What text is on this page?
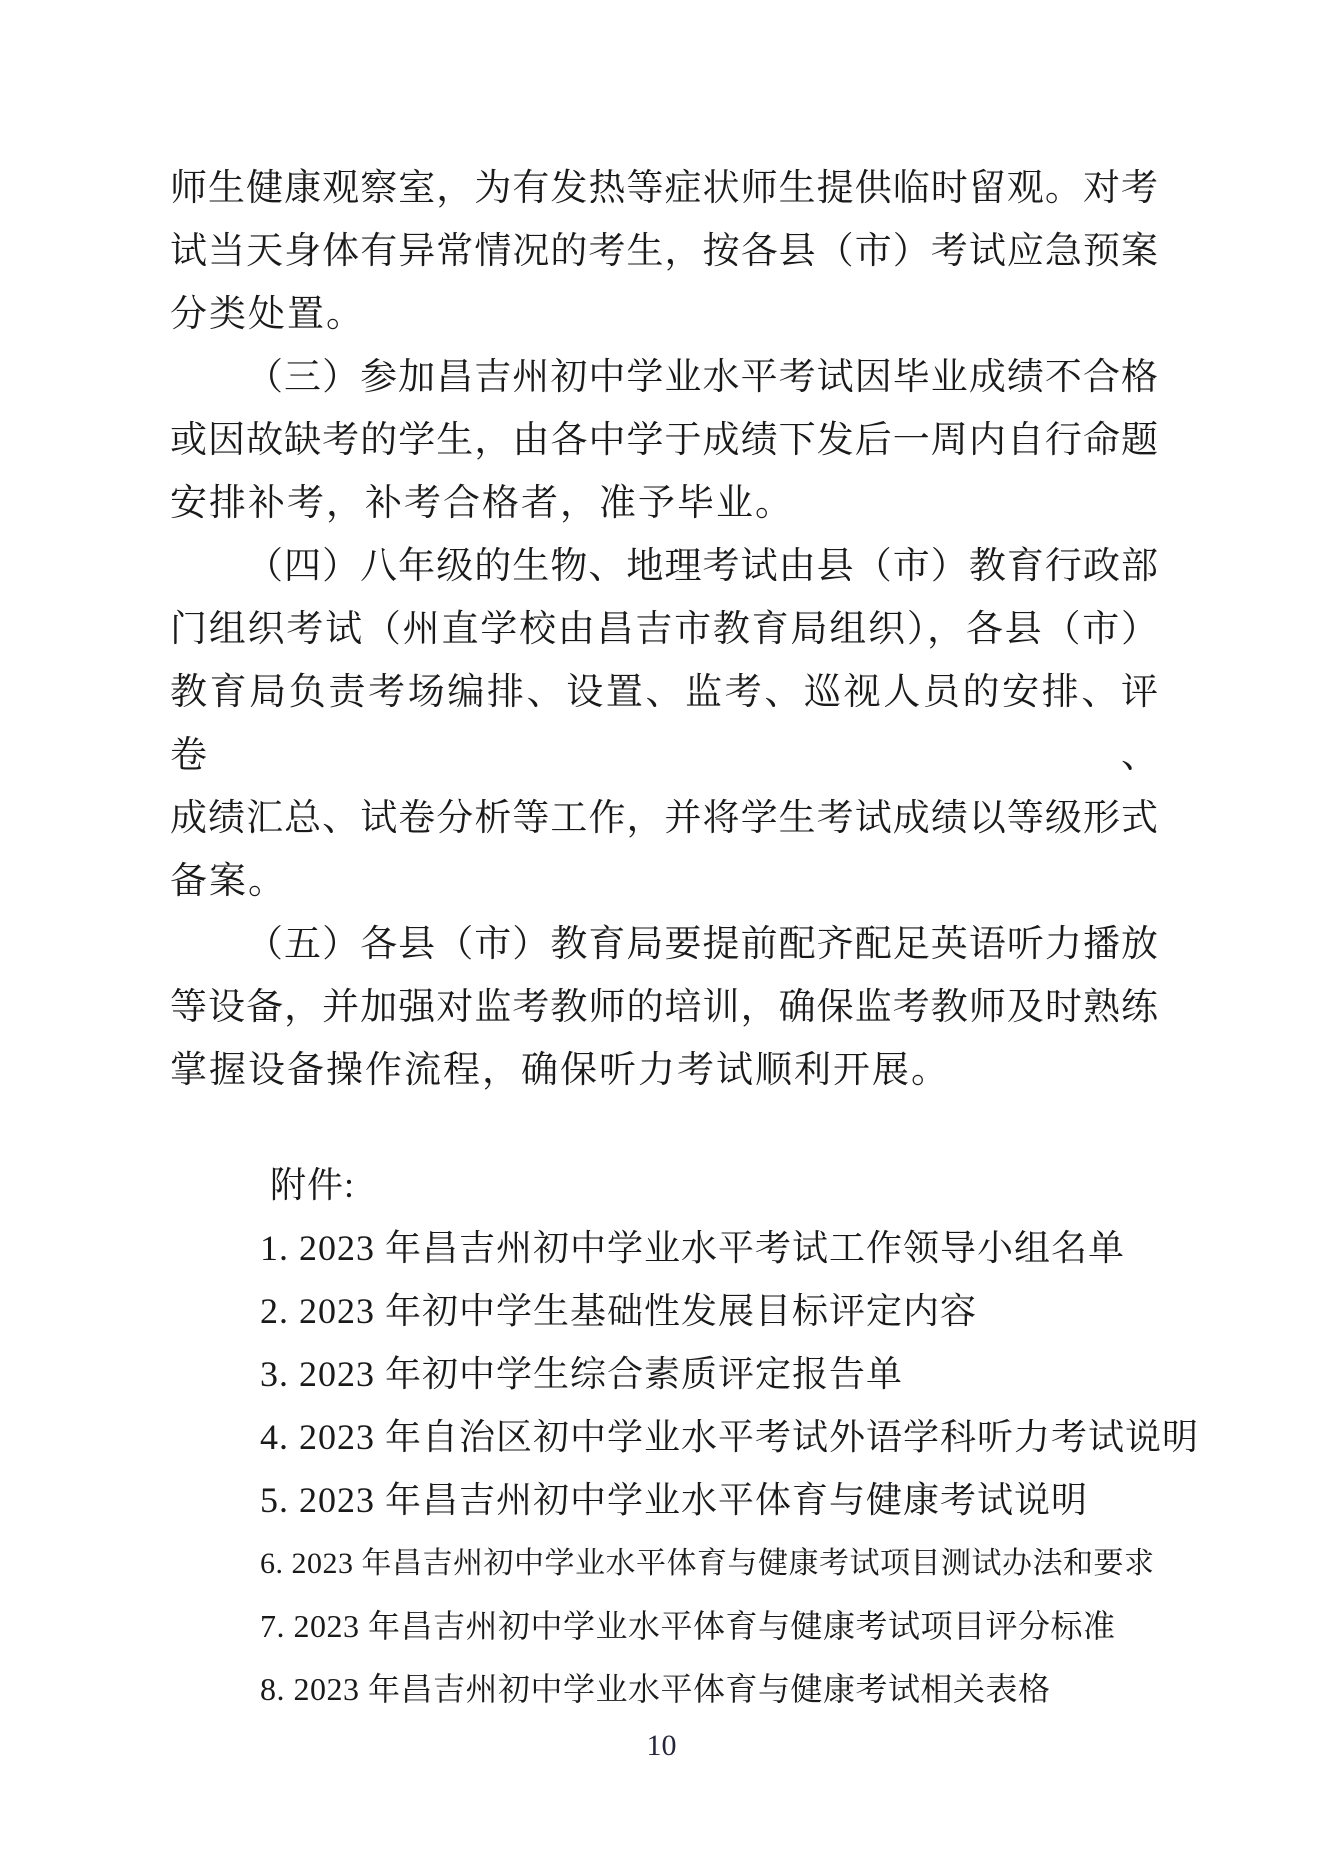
师生健康观察室，为有发热等症状师生提供临时留观。对考
试当天身体有异常情况的考生，按各县（市）考试应急预案
分类处置。
（三）参加昌吉州初中学业水平考试因毕业成绩不合格
或因故缺考的学生，由各中学于成绩下发后一周内自行命题
安排补考，补考合格者，准予毕业。
（四）八年级的生物、地理考试由县（市）教育行政部
门组织考试（州直学校由昌吉市教育局组织），各县（市）
教育局负责考场编排、设置、监考、巡视人员的安排、评卷、
成绩汇总、试卷分析等工作，并将学生考试成绩以等级形式
备案。
（五）各县（市）教育局要提前配齐配足英语听力播放
等设备，并加强对监考教师的培训，确保监考教师及时熟练
掌握设备操作流程，确保听力考试顺利开展。
附件:
1. 2023 年昌吉州初中学业水平考试工作领导小组名单
2. 2023 年初中学生基础性发展目标评定内容
3. 2023 年初中学生综合素质评定报告单
4. 2023 年自治区初中学业水平考试外语学科听力考试说明
5. 2023 年昌吉州初中学业水平体育与健康考试说明
6. 2023 年昌吉州初中学业水平体育与健康考试项目测试办法和要求
7. 2023 年昌吉州初中学业水平体育与健康考试项目评分标准
8. 2023 年昌吉州初中学业水平体育与健康考试相关表格
10
